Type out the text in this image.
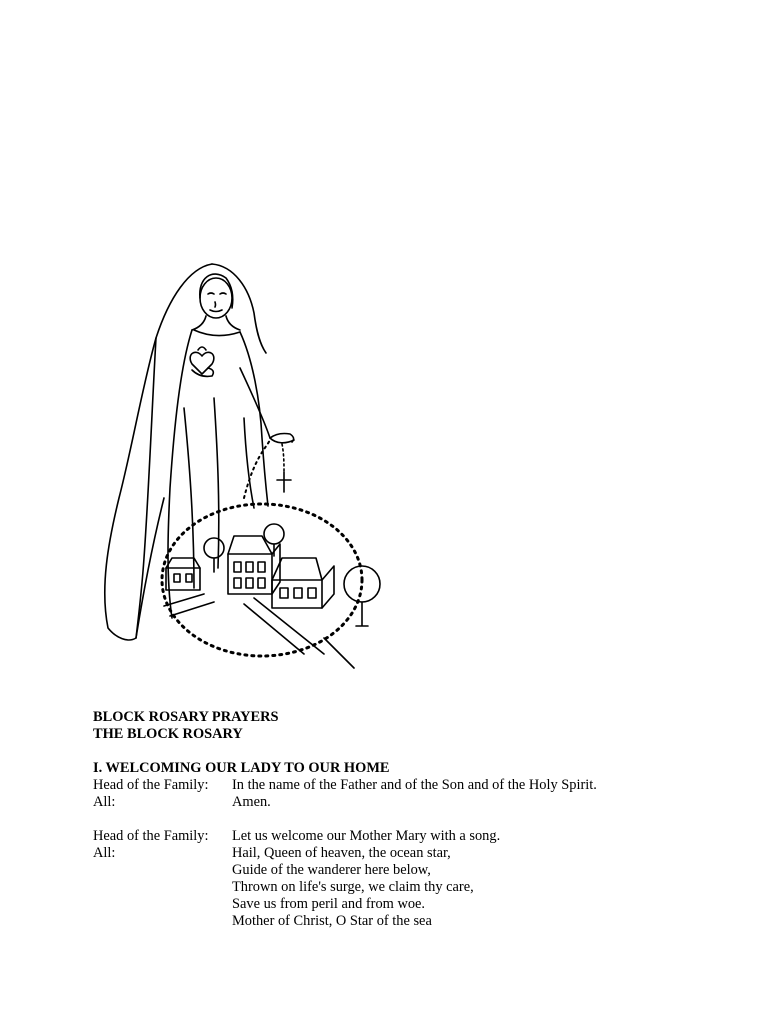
BLOCK ROSARY PRAYERS

THE BLOCK ROSARY

I. WELCOMING OUR LADY TO OUR HOME

Head of the Family:	In the name of the Father and of the Son and of the Holy Spirit.
All:	Amen.
Head of the Family:	Let us welcome our Mother Mary with a song.
All:	Hail, Queen of heaven, the ocean star,
Guide of the wanderer here below,
Thrown on life's surge, we claim thy care,
Save us from peril and from woe.
Mother of Christ, O Star of the sea
